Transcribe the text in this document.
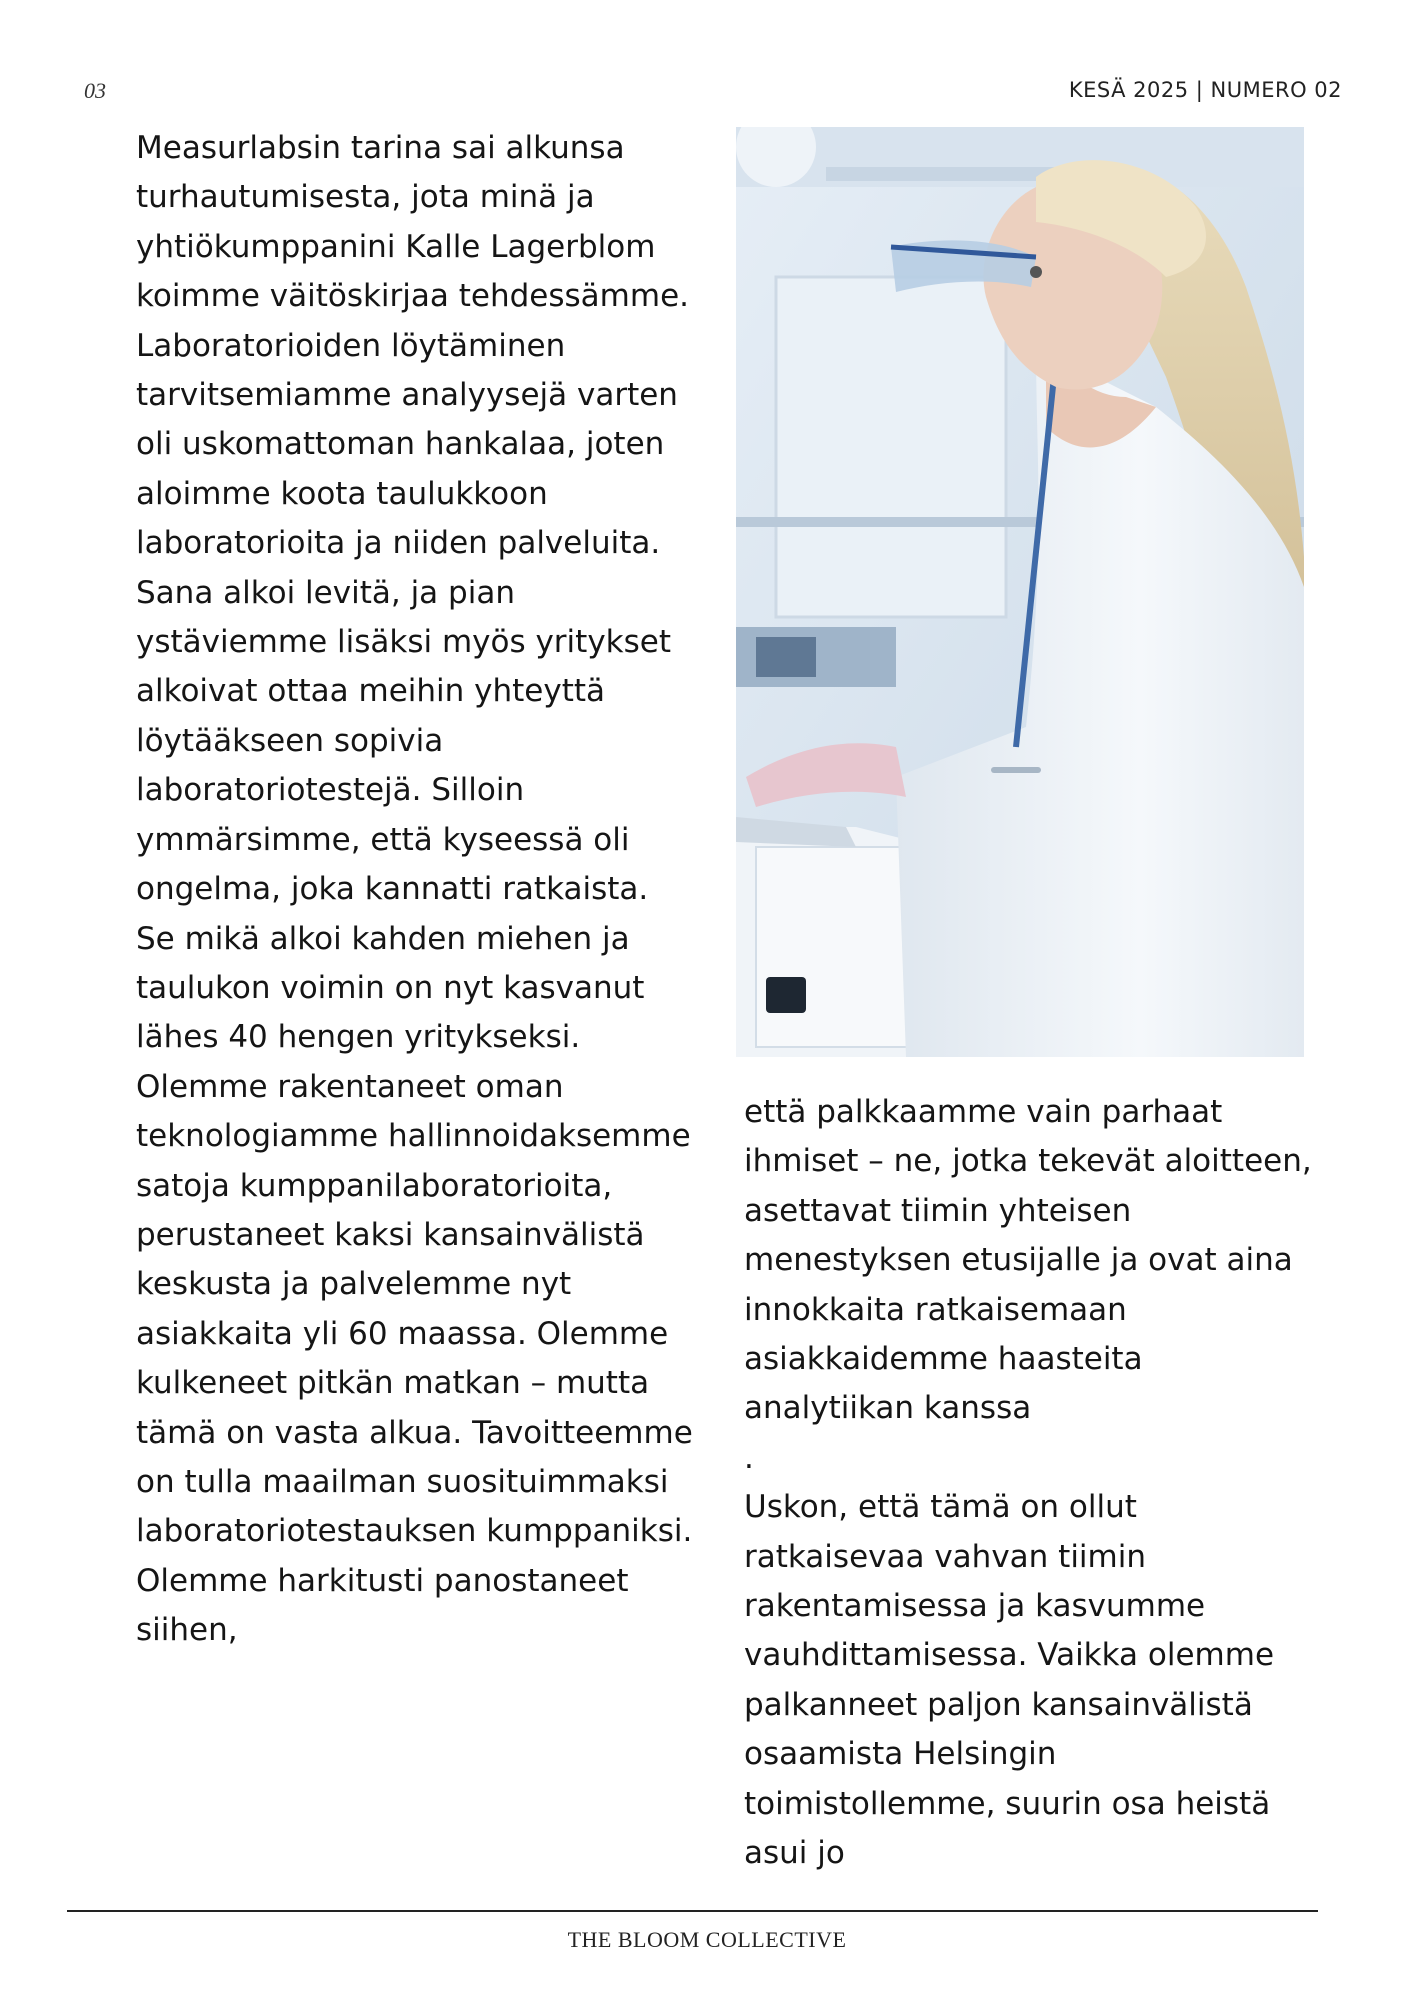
03	KESÄ 2025 | NUMERO 02

Measurlabsin tarina sai alkunsa turhautumisesta, jota minä ja yhtiökumppanini Kalle Lagerblom koimme väitöskirjaa tehdessämme. Laboratorioiden löytäminen tarvitsemiamme analyysejä varten oli uskomattoman hankalaa, joten aloimme koota taulukkoon laboratorioita ja niiden palveluita. Sana alkoi levitä, ja pian ystäviemme lisäksi myös yritykset alkoivat ottaa meihin yhteyttä löytääkseen sopivia laboratoriotestejä. Silloin ymmärsimme, että kyseessä oli ongelma, joka kannatti ratkaista.

Se mikä alkoi kahden miehen ja taulukon voimin on nyt kasvanut lähes 40 hengen yritykseksi. Olemme rakentaneet oman teknologiamme hallinnoidaksemme satoja kumppanilaboratorioita, perustaneet kaksi kansainvälistä keskusta ja palvelemme nyt asiakkaita yli 60 maassa. Olemme kulkeneet pitkän matkan – mutta tämä on vasta alkua. Tavoitteemme on tulla maailman suosituimmaksi laboratoriotestauksen kumppaniksi. Olemme harkitusti panostaneet siihen,

että palkkaamme vain parhaat ihmiset – ne, jotka tekevät aloitteen, asettavat tiimin yhteisen menestyksen etusijalle ja ovat aina innokkaita ratkaisemaan asiakkaidemme haasteita analytiikan kanssa

.

Uskon, että tämä on ollut ratkaisevaa vahvan tiimin rakentamisessa ja kasvumme vauhdittamisessa. Vaikka olemme palkanneet paljon kansainvälistä osaamista Helsingin toimistollemme, suurin osa heistä asui jo

THE BLOOM COLLECTIVE
